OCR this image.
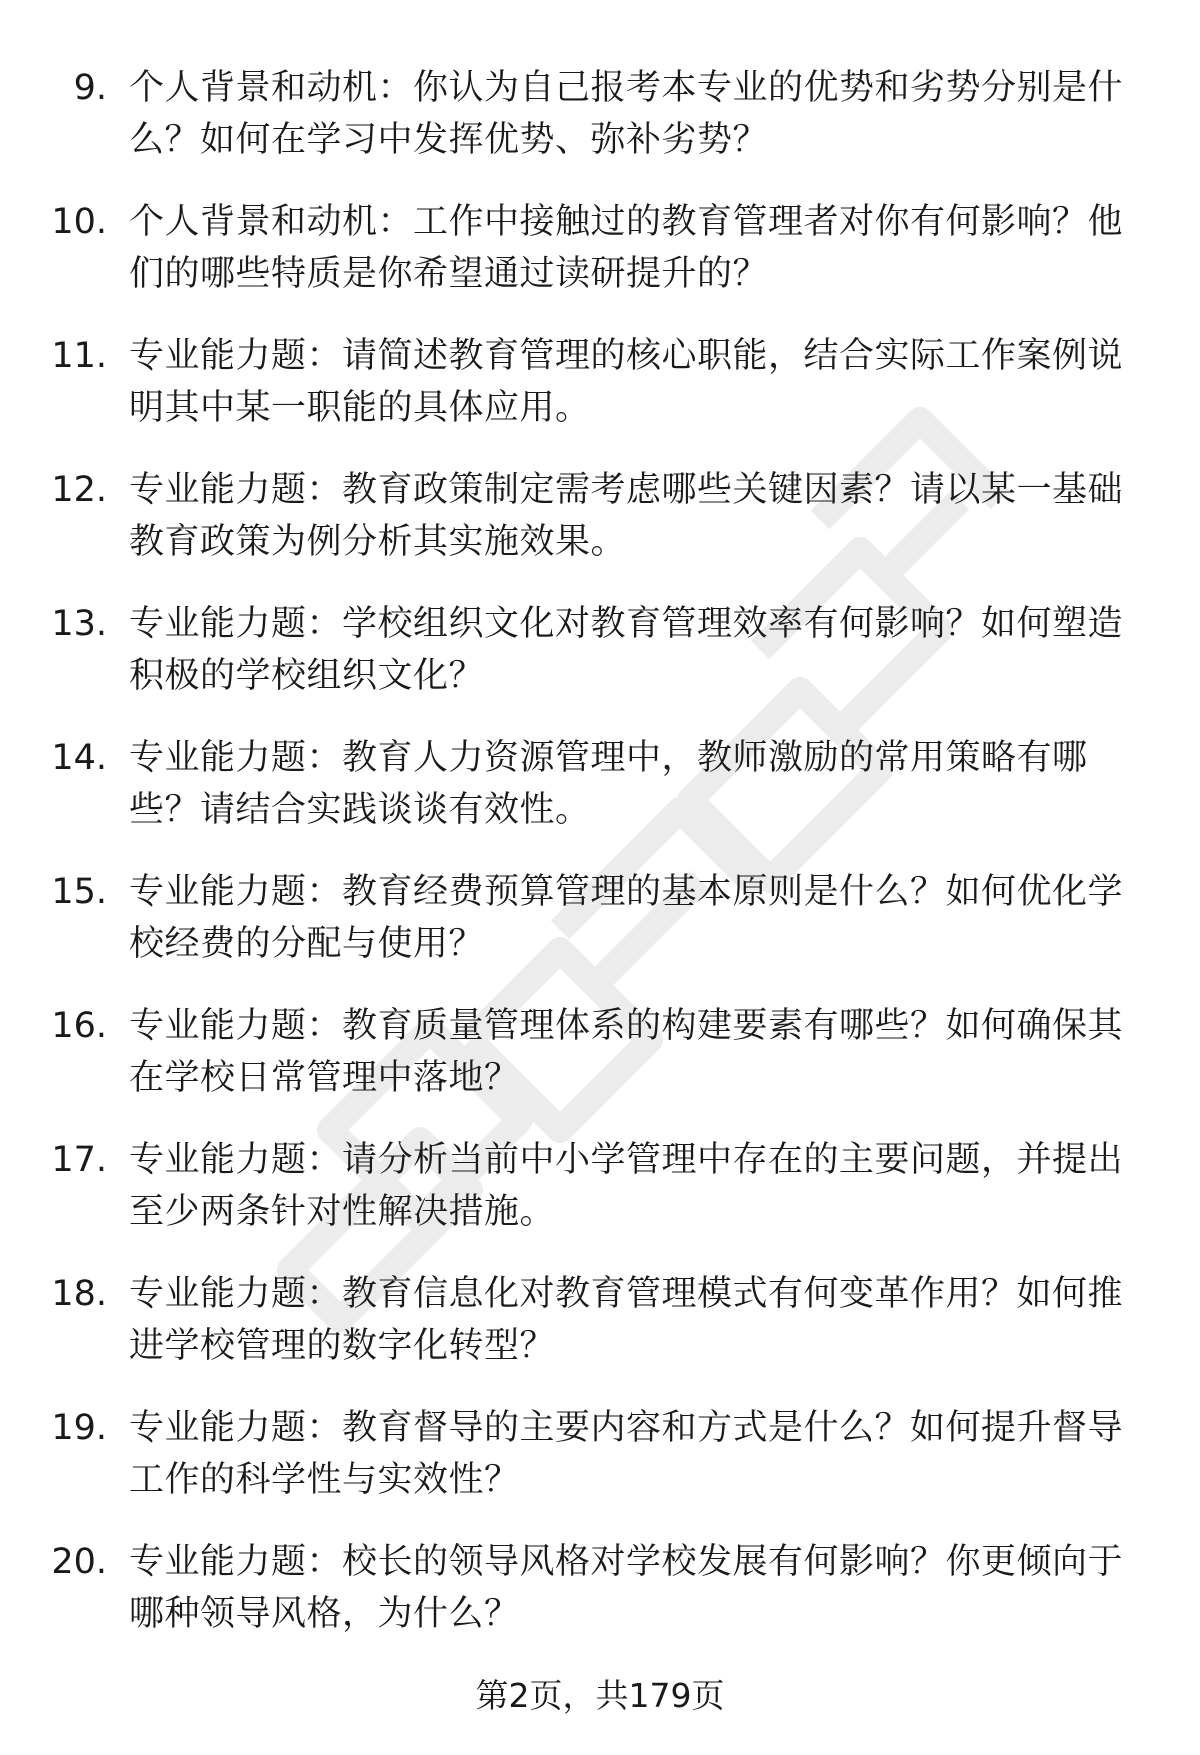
9. 个人背景和动机：你认为自己报考本专业的优势和劣势分别是什么？如何在学习中发挥优势、弥补劣势？
10. 个人背景和动机：工作中接触过的教育管理者对你有何影响？他们的哪些特质是你希望通过读研提升的？
11. 专业能力题：请简述教育管理的核心职能，结合实际工作案例说明其中某一职能的具体应用。
12. 专业能力题：教育政策制定需考虑哪些关键因素？请以某一基础教育政策为例分析其实施效果。
13. 专业能力题：学校组织文化对教育管理效率有何影响？如何塑造积极的学校组织文化？
14. 专业能力题：教育人力资源管理中，教师激励的常用策略有哪些？请结合实践谈谈有效性。
15. 专业能力题：教育经费预算管理的基本原则是什么？如何优化学校经费的分配与使用？
16. 专业能力题：教育质量管理体系的构建要素有哪些？如何确保其在学校日常管理中落地？
17. 专业能力题：请分析当前中小学管理中存在的主要问题，并提出至少两条针对性解决措施。
18. 专业能力题：教育信息化对教育管理模式有何变革作用？如何推进学校管理的数字化转型？
19. 专业能力题：教育督导的主要内容和方式是什么？如何提升督导工作的科学性与实效性？
20. 专业能力题：校长的领导风格对学校发展有何影响？你更倾向于哪种领导风格，为什么？
第2页，共179页
